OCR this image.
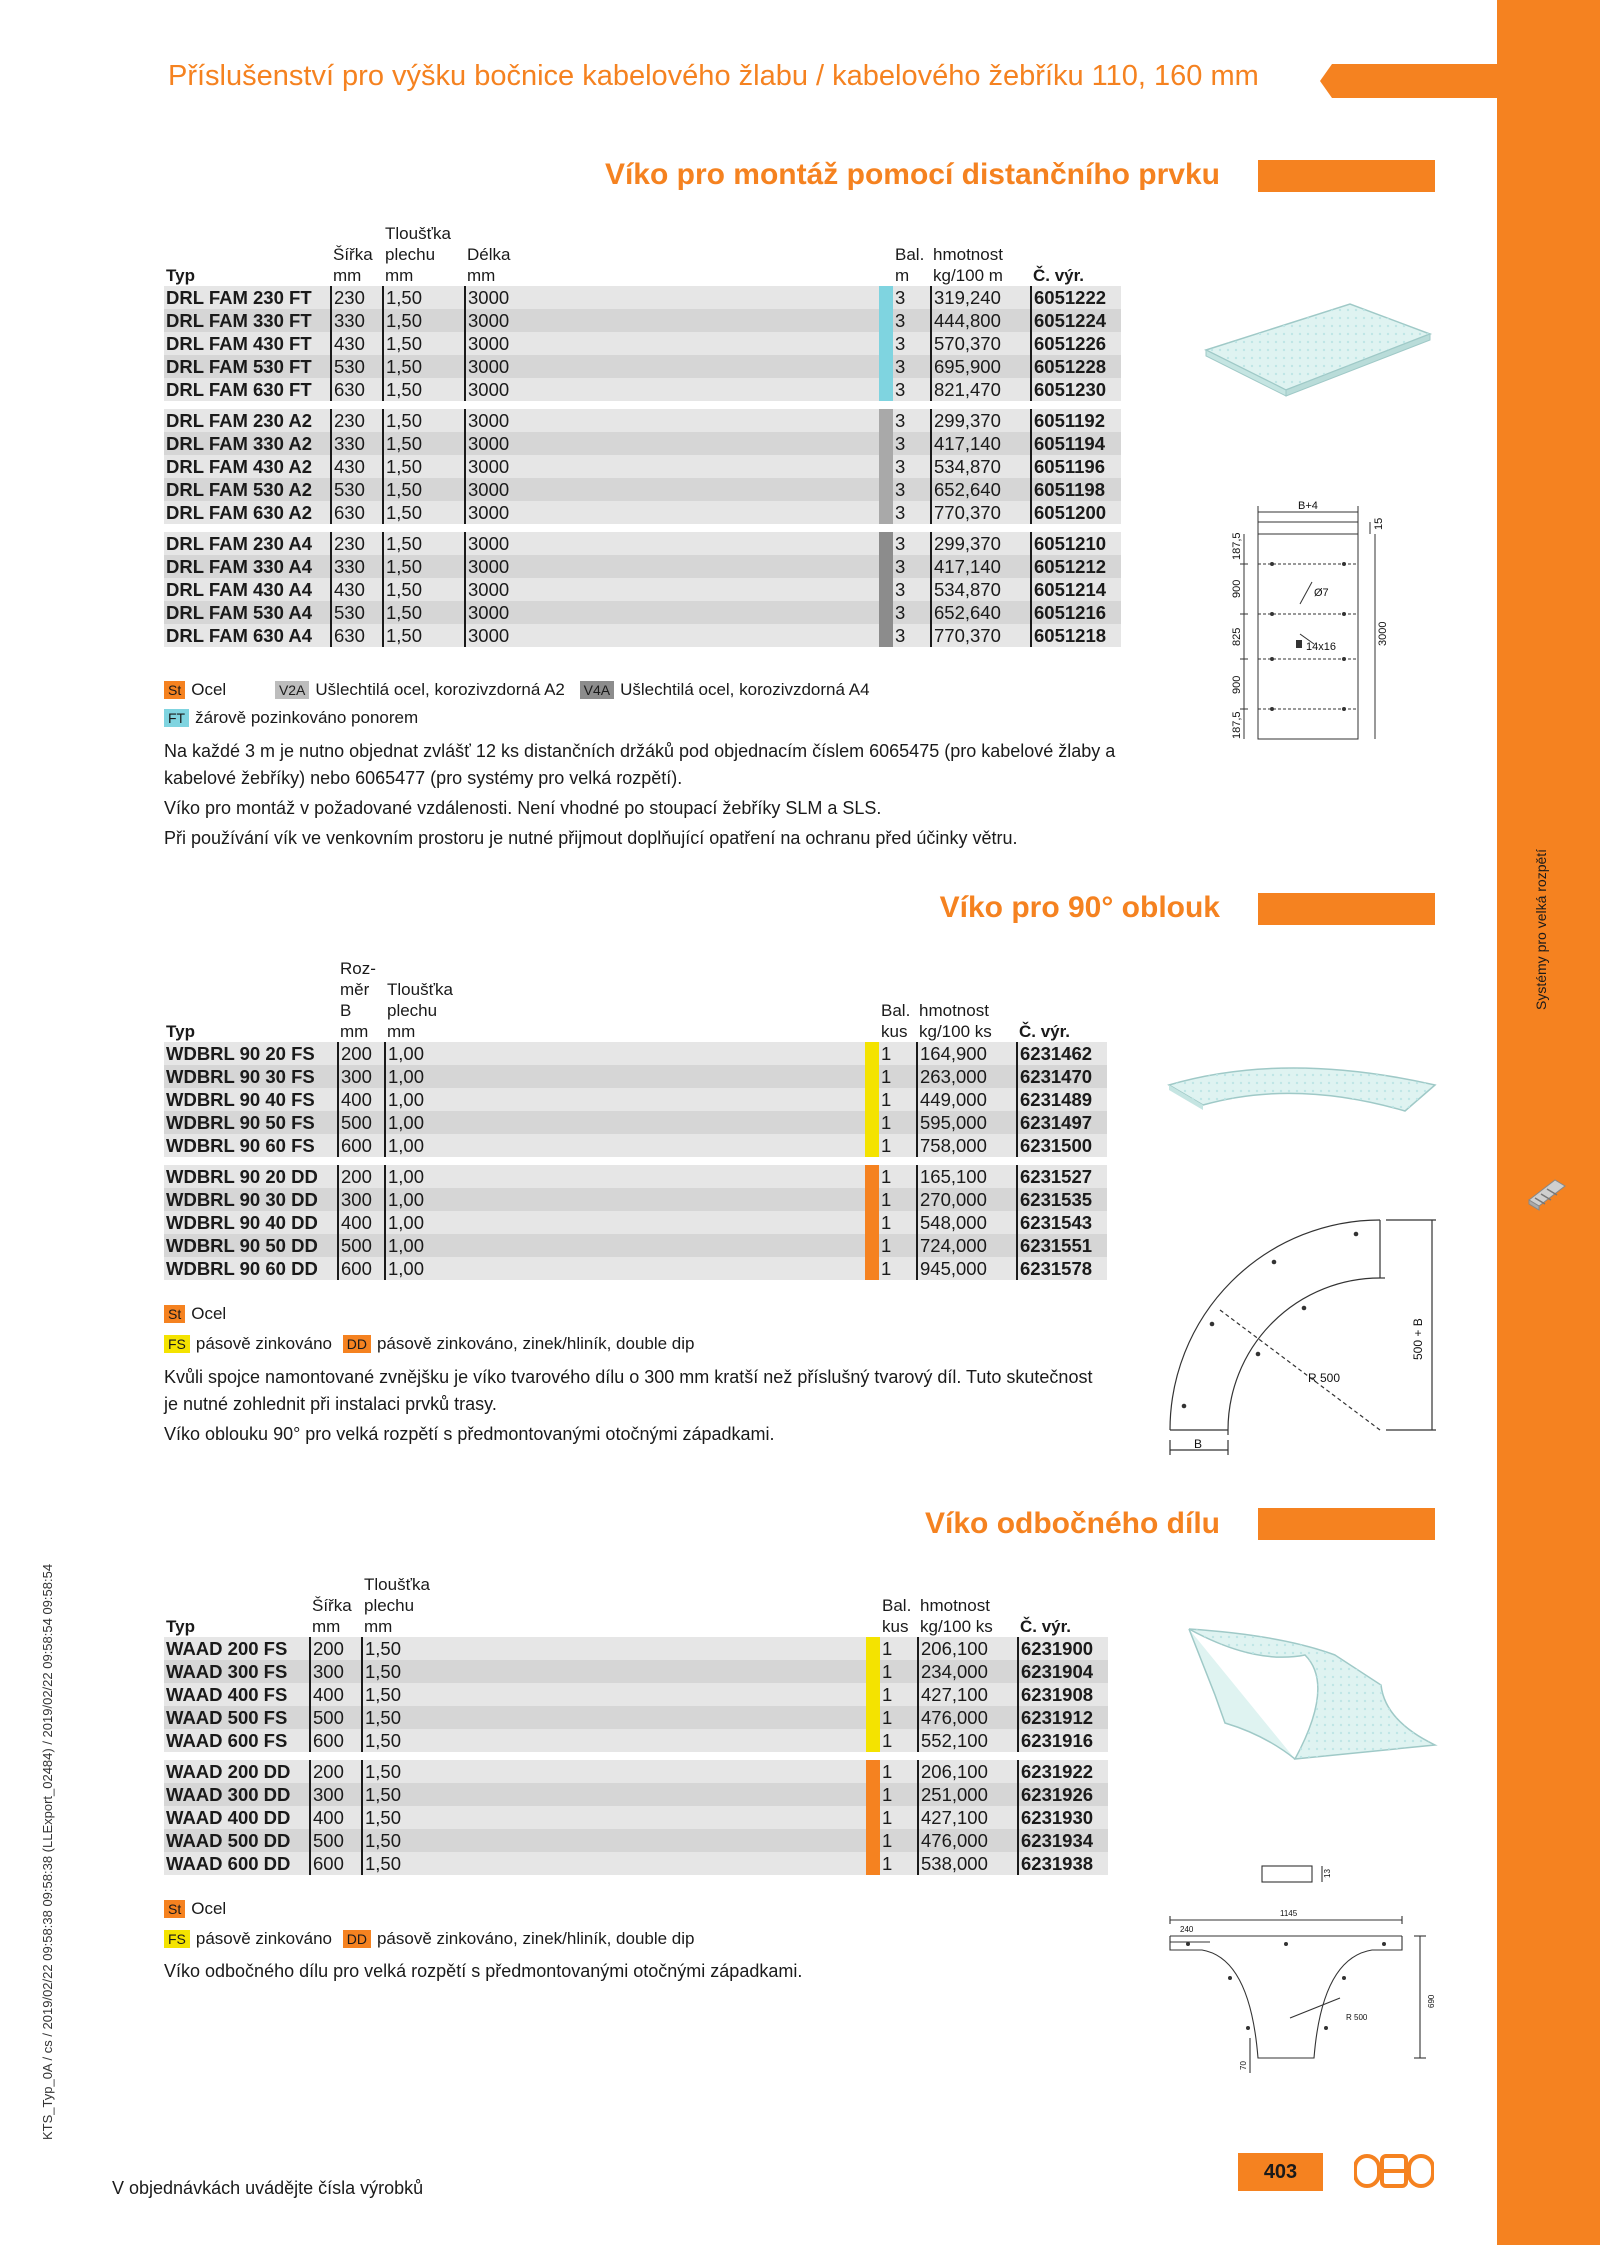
Příslušenství pro výšku bočnice kabelového žlabu / kabelového žebříku 110, 160 mm
KTS_Typ_0A / cs / 2019/02/22 09:58:38 09:58:38 (LLExport_02484) / 2019/02/22 09:58:54 09:58:54
Víko pro montáž pomocí distančního prvku
Typ	Šířka
mm	Tloušťka
plechu
mm	Délka
mm		Bal.
m	hmotnost
kg/100 m	Č. výr.
DRL FAM 230 FT	230	1,50	3000		3	319,240	6051222
DRL FAM 330 FT	330	1,50	3000		3	444,800	6051224
DRL FAM 430 FT	430	1,50	3000		3	570,370	6051226
DRL FAM 530 FT	530	1,50	3000		3	695,900	6051228
DRL FAM 630 FT	630	1,50	3000		3	821,470	6051230

DRL FAM 230 A2	230	1,50	3000		3	299,370	6051192
DRL FAM 330 A2	330	1,50	3000		3	417,140	6051194
DRL FAM 430 A2	430	1,50	3000		3	534,870	6051196
DRL FAM 530 A2	530	1,50	3000		3	652,640	6051198
DRL FAM 630 A2	630	1,50	3000		3	770,370	6051200

DRL FAM 230 A4	230	1,50	3000		3	299,370	6051210
DRL FAM 330 A4	330	1,50	3000		3	417,140	6051212
DRL FAM 430 A4	430	1,50	3000		3	534,870	6051214
DRL FAM 530 A4	530	1,50	3000		3	652,640	6051216
DRL FAM 630 A4	630	1,50	3000		3	770,370	6051218
B+4
15
187,5
900
825
900
187,5
3000
Ø7
14x16
St Ocel	V2A Ušlechtilá ocel, korozivzdorná A2 V4A Ušlechtilá ocel, korozivzdorná A4
FT žárově pozinkováno ponorem

Na každé 3 m je nutno objednat zvlášť 12 ks distančních držáků pod objednacím číslem 6065475 (pro kabelové žlaby a kabelové žebříky) nebo 6065477 (pro systémy pro velká rozpětí).

Víko pro montáž v požadované vzdálenosti. Není vhodné po stoupací žebříky SLM a SLS.

Při používání vík ve venkovním prostoru je nutné přijmout doplňující opatření na ochranu před účinky větru.

Víko pro 90° oblouk
Typ	Roz-
měr
B
mm	Tloušťka
plechu
mm		Bal.
kus	hmotnost
kg/100 ks	Č. výr.
WDBRL 90 20 FS	200	1,00		1	164,900	6231462
WDBRL 90 30 FS	300	1,00		1	263,000	6231470
WDBRL 90 40 FS	400	1,00		1	449,000	6231489
WDBRL 90 50 FS	500	1,00		1	595,000	6231497
WDBRL 90 60 FS	600	1,00		1	758,000	6231500

WDBRL 90 20 DD	200	1,00		1	165,100	6231527
WDBRL 90 30 DD	300	1,00		1	270,000	6231535
WDBRL 90 40 DD	400	1,00		1	548,000	6231543
WDBRL 90 50 DD	500	1,00		1	724,000	6231551
WDBRL 90 60 DD	600	1,00		1	945,000	6231578
R 500
B
500 + B
St Ocel
FS pásově zinkováno DD pásově zinkováno, zinek/hliník, double dip

Kvůli spojce namontované zvnějšku je víko tvarového dílu o 300 mm kratší než příslušný tvarový díl. Tuto skutečnost je nutné zohlednit při instalaci prvků trasy.

Víko oblouku 90° pro velká rozpětí s předmontovanými otočnými západkami.

Víko odbočného dílu
Typ	Šířka
mm	Tloušťka
plechu
mm		Bal.
kus	hmotnost
kg/100 ks	Č. výr.
WAAD 200 FS	200	1,50		1	206,100	6231900
WAAD 300 FS	300	1,50		1	234,000	6231904
WAAD 400 FS	400	1,50		1	427,100	6231908
WAAD 500 FS	500	1,50		1	476,000	6231912
WAAD 600 FS	600	1,50		1	552,100	6231916

WAAD 200 DD	200	1,50		1	206,100	6231922
WAAD 300 DD	300	1,50		1	251,000	6231926
WAAD 400 DD	400	1,50		1	427,100	6231930
WAAD 500 DD	500	1,50		1	476,000	6231934
WAAD 600 DD	600	1,50		1	538,000	6231938
1145
240
R 500
690
70
13
St Ocel
FS pásově zinkováno DD pásově zinkováno, zinek/hliník, double dip

Víko odbočného dílu pro velká rozpětí s předmontovanými otočnými západkami.

V objednávkách uvádějte čísla výrobků
403
